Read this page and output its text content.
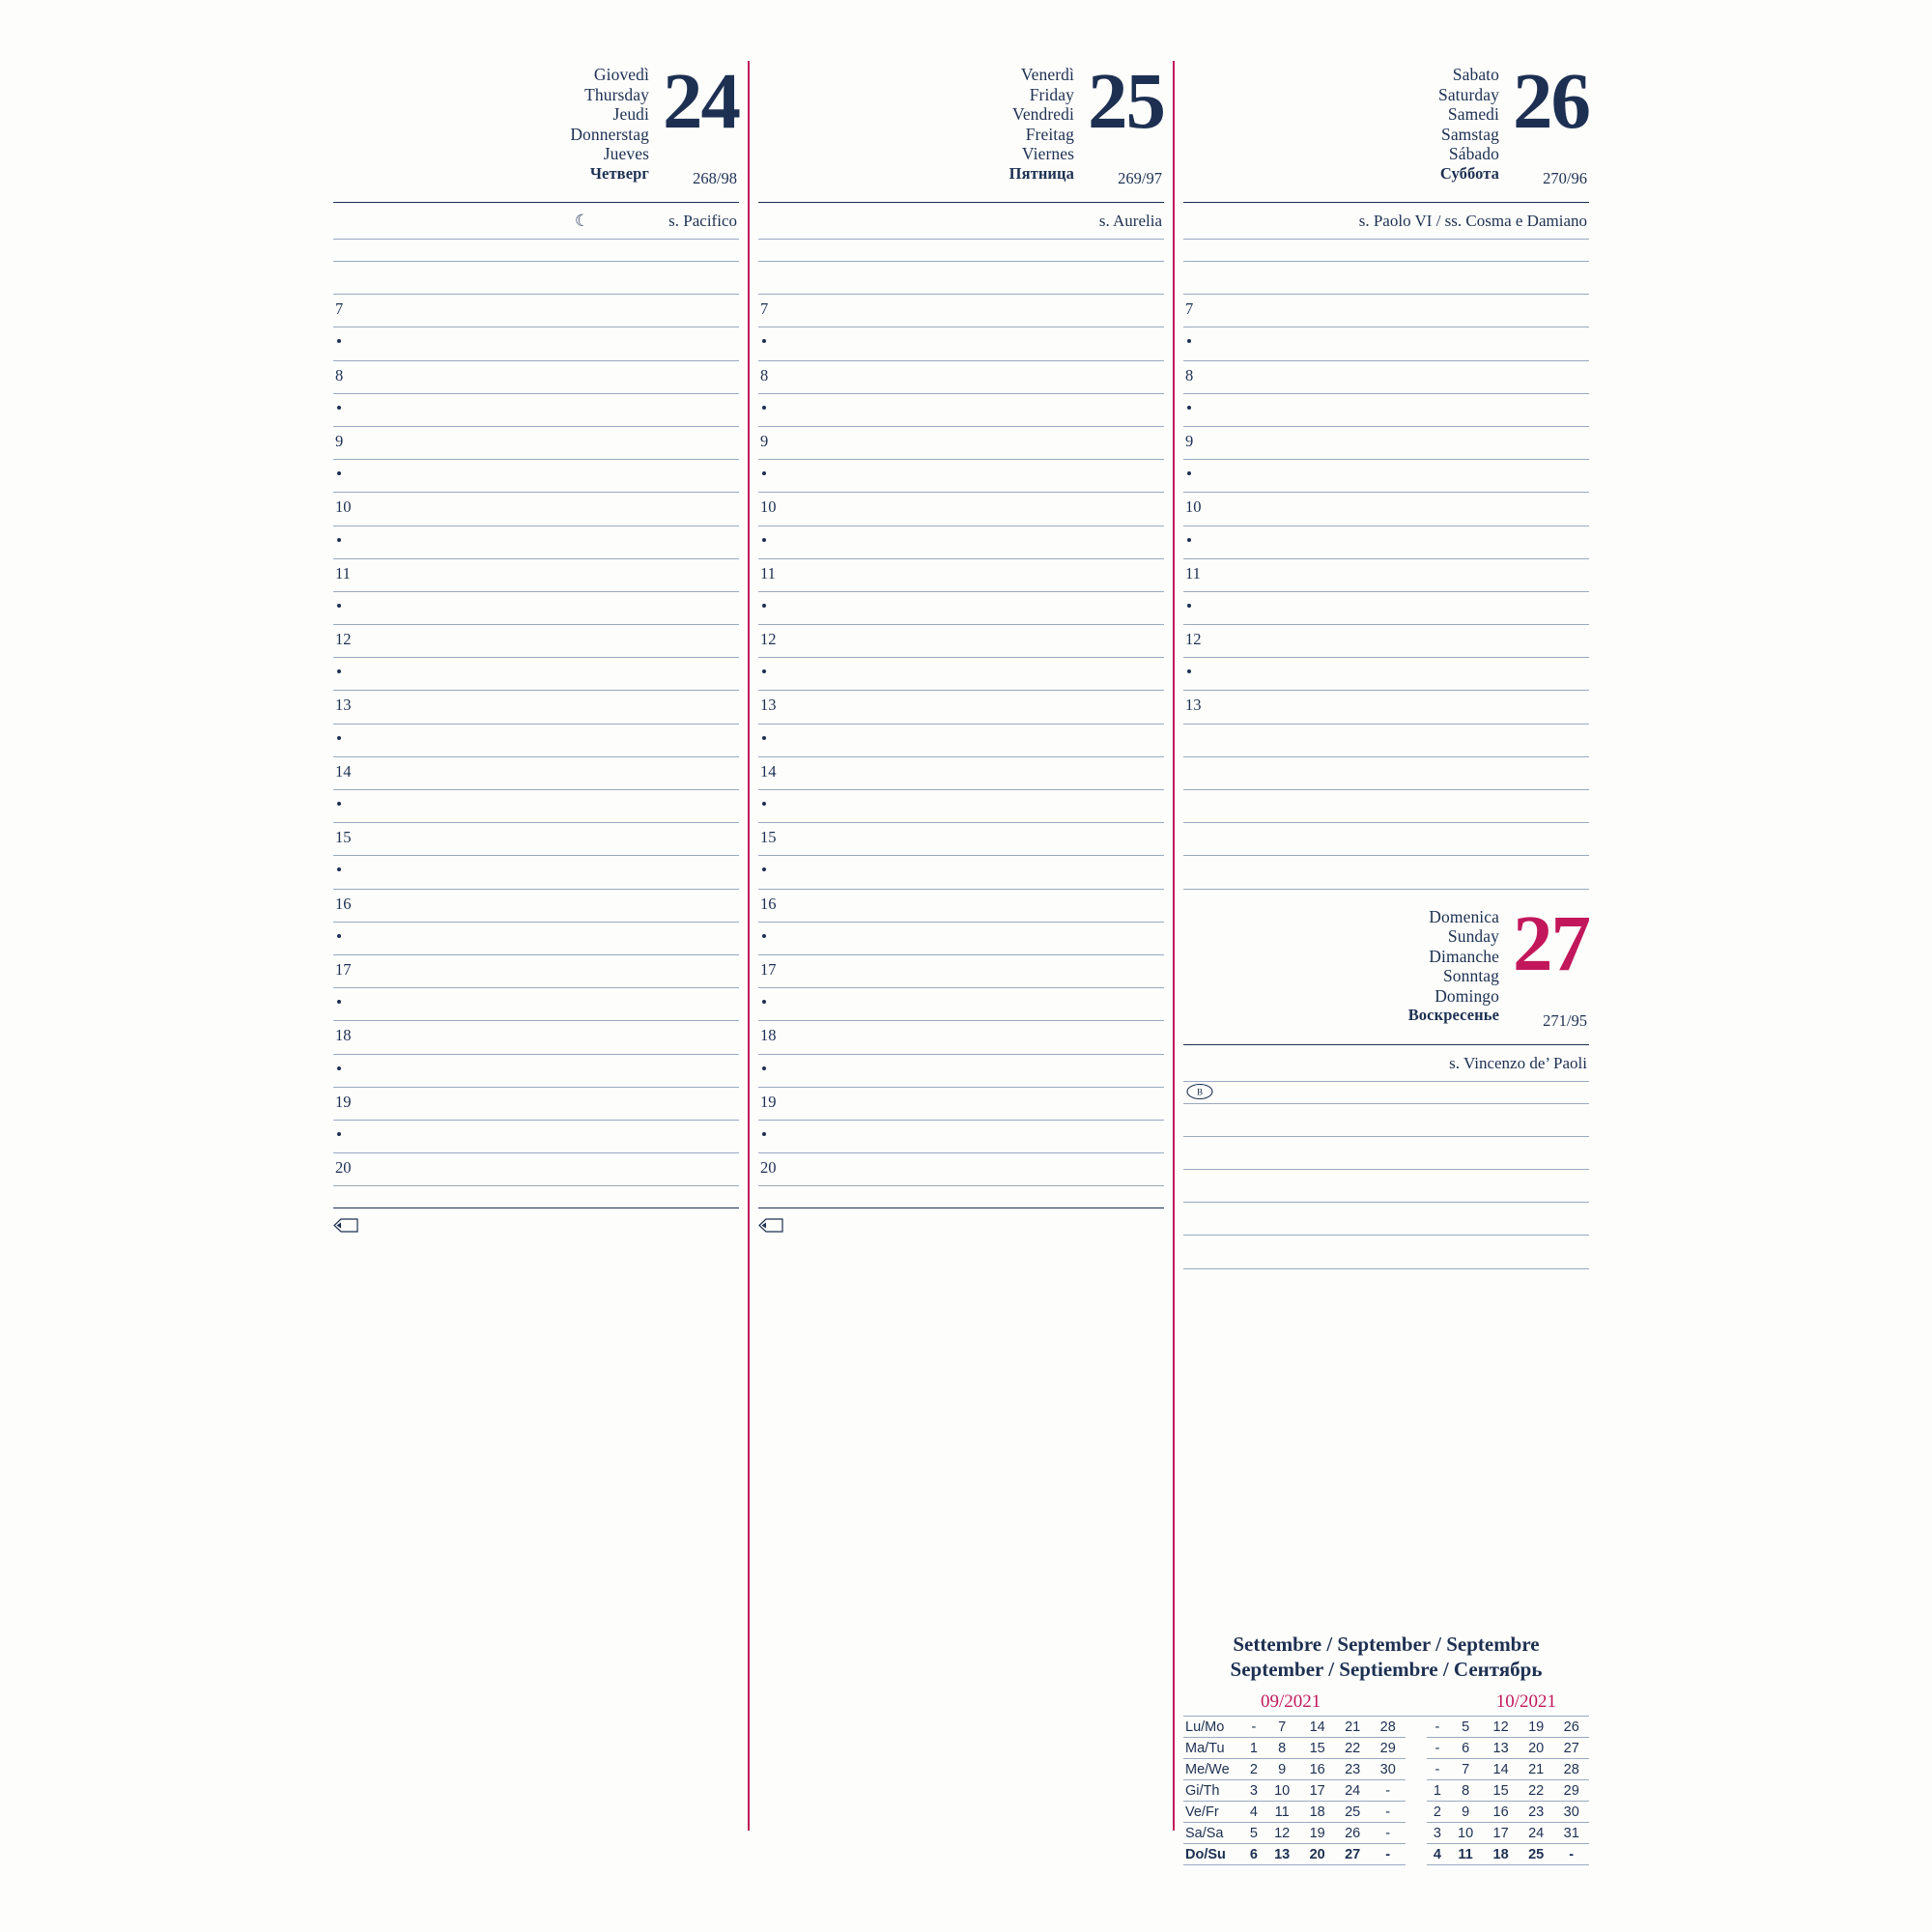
Giovedì
Thursday
Jeudi
Donnerstag
Jueves
Четверг
24
268/98
☾	s. Pacifico
7
8
9
10
11
12
13
14
15
16
17
18
19
20
Venerdì
Friday
Vendredi
Freitag
Viernes
Пятница
25
269/97
s. Aurelia
7
8
9
10
11
12
13
14
15
16
17
18
19
20
Sabato
Saturday
Samedi
Samstag
Sábado
Суббота
26
270/96
s. Paolo VI / ss. Cosma e Damiano
7
8
9
10
11
12
13
Domenica
Sunday
Dimanche
Sonntag
Domingo
Воскресенье
27
271/95
s. Vincenzo de’ Paoli
B
Settembre / September / Septembre
September / Septiembre / Сентябрь
09/2021	10/2021
Lu/Mo	-	7	14	21	28		-	5	12	19	26
Ma/Tu	1	8	15	22	29		-	6	13	20	27
Me/We	2	9	16	23	30		-	7	14	21	28
Gi/Th	3	10	17	24	-		1	8	15	22	29
Ve/Fr	4	11	18	25	-		2	9	16	23	30
Sa/Sa	5	12	19	26	-		3	10	17	24	31
Do/Su	6	13	20	27	-		4	11	18	25	-
